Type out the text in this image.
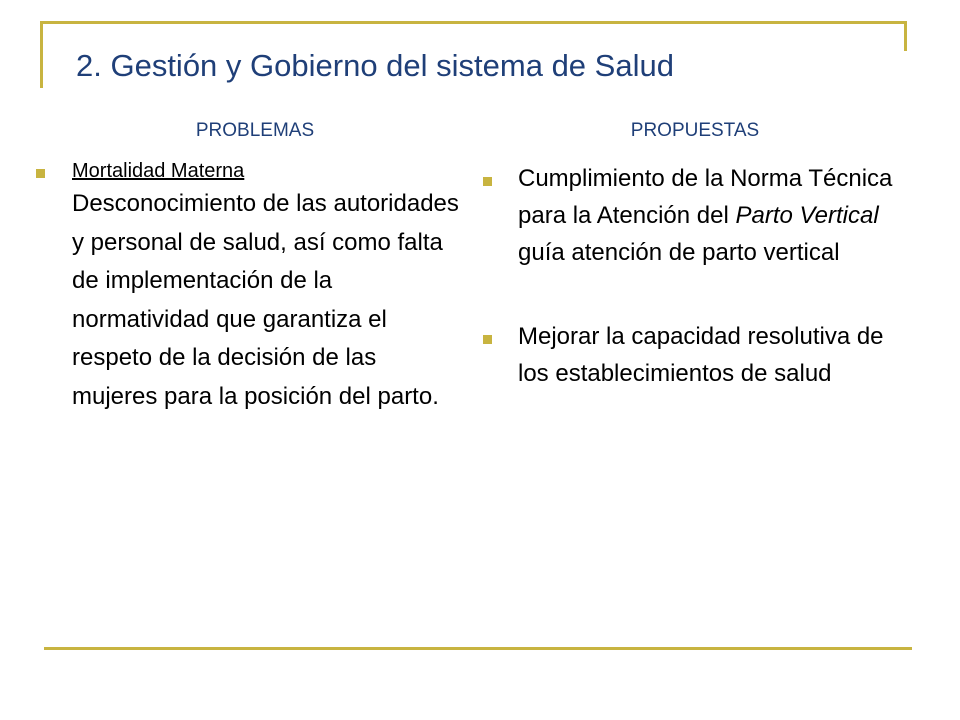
2. Gestión y Gobierno del sistema de Salud
PROBLEMAS	PROPUESTAS
Mortalidad Materna

Desconocimiento de las autoridades y personal de salud, así como falta de implementación de la normatividad que garantiza el respeto de la decisión de las mujeres para la posición del parto.

Cumplimiento de la Norma Técnica para la Atención del Parto Vertical guía atención de parto vertical

Mejorar la capacidad resolutiva de los establecimientos de salud
